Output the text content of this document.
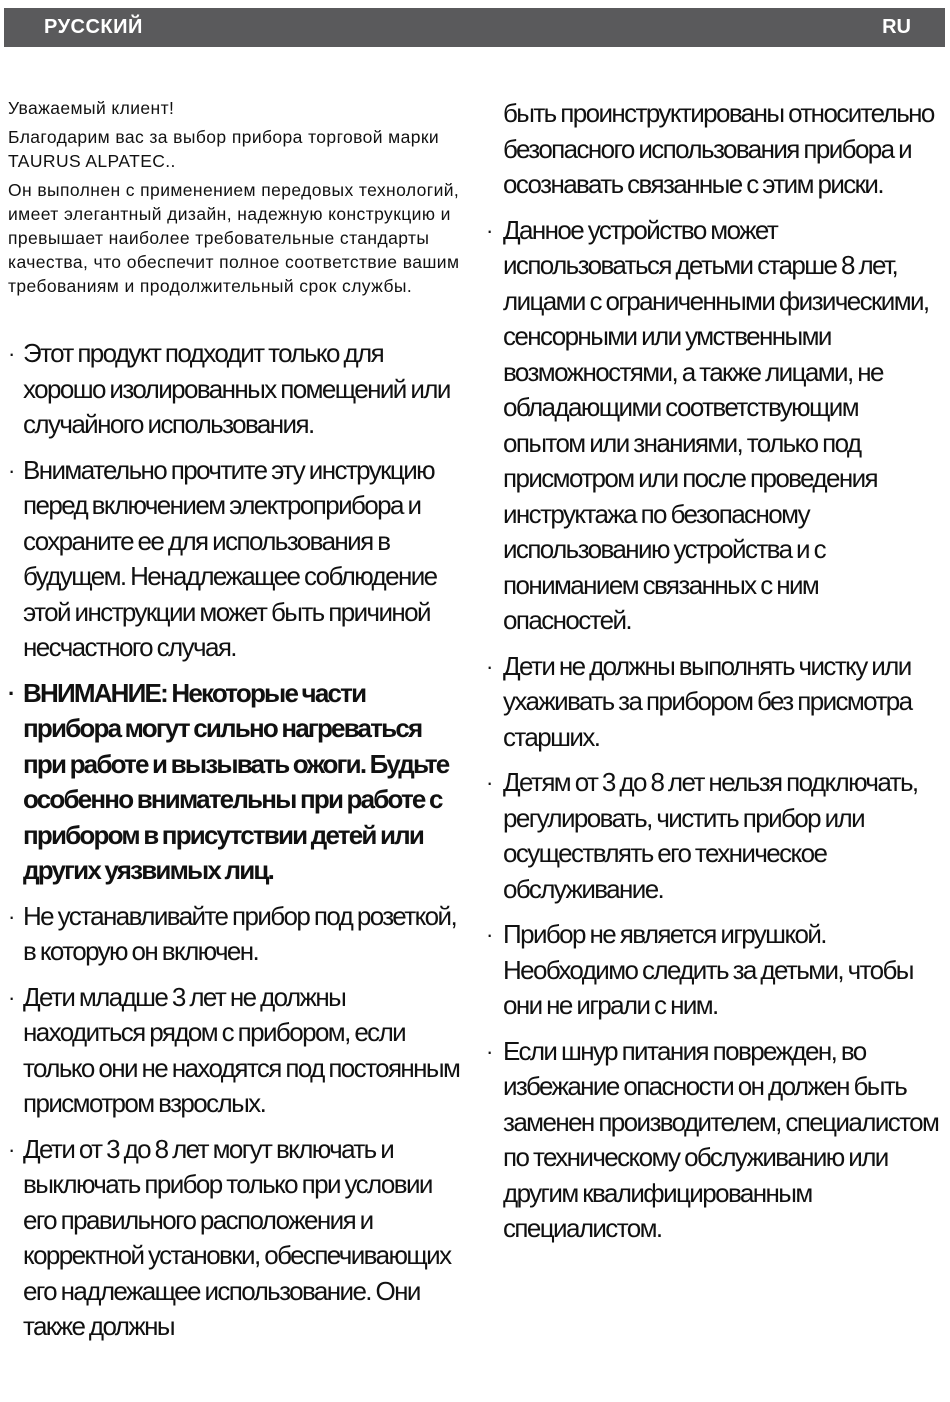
РУССКИЙ	RU

Уважаемый клиент!

Благодарим вас за выбор прибора торговой марки TAURUS ALPATEC..

Он выполнен с применением передовых технологий, имеет элегантный дизайн, надежную конструкцию и превышает наиболее требовательные стандарты качества, что обеспечит полное соответствие вашим требованиям и продолжительный срок службы.

· Этот продукт подходит только для хорошо изолированных помещений или случайного использования.
· Внимательно прочтите эту инструкцию перед включением электроприбора и сохраните ее для использования в будущем. Ненадлежащее соблюдение этой инструкции может быть причиной несчастного случая.
· ВНИМАНИЕ: Некоторые части прибора могут сильно нагреваться при работе и вызывать ожоги. Будьте особенно внимательны при работе с прибором в присутствии детей или других уязвимых лиц.
· Не устанавливайте прибор под розеткой, в которую он включен.
· Дети младше 3 лет не должны находиться рядом с прибором, если только они не находятся под постоянным присмотром взрослых.
· Дети от 3 до 8 лет могут включать и выключать прибор только при условии его правильного расположения и корректной установки, обеспечивающих его надлежащее использование. Они также должны

быть проинструктированы относительно безопасного использования прибора и осознавать связанные с этим риски.

· Данное устройство может использоваться детьми старше 8 лет, лицами с ограниченными физическими, сенсорными или умственными возможностями, а также лицами, не обладающими соответствующим опытом или знаниями, только под присмотром или после проведения инструктажа по безопасному использованию устройства и с пониманием связанных с ним опасностей.
· Дети не должны выполнять чистку или ухаживать за прибором без присмотра старших.
· Детям от 3 до 8 лет нельзя подключать, регулировать, чистить прибор или осуществлять его техническое обслуживание.
· Прибор не является игрушкой. Необходимо следить за детьми, чтобы они не играли с ним.
· Если шнур питания поврежден, во избежание опасности он должен быть заменен производителем, специалистом по техническому обслуживанию или другим квалифицированным специалистом.
